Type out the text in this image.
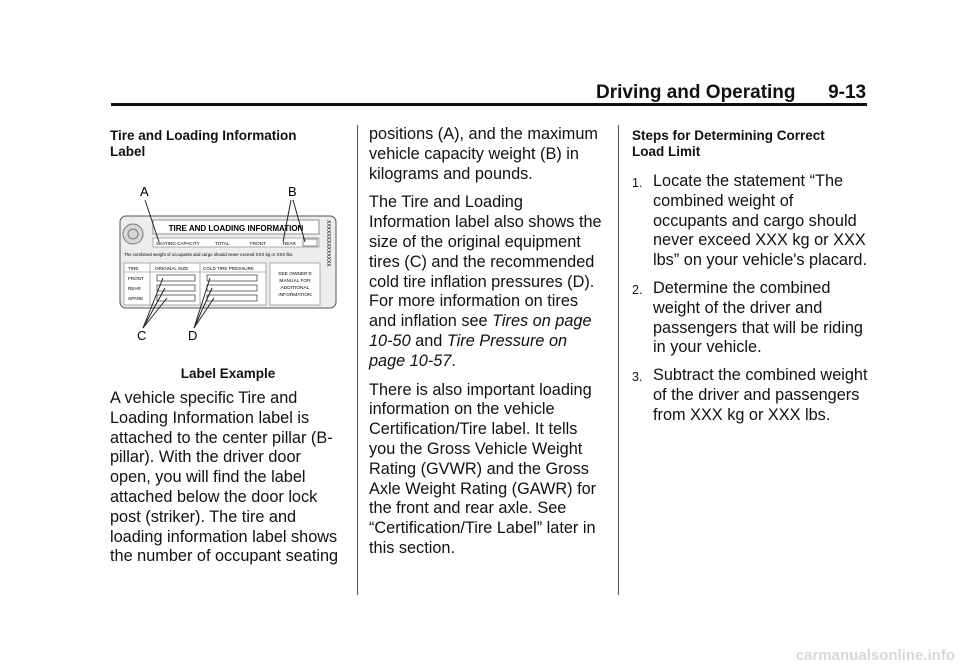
Driving and Operating 9-13

Tire and Loading Information Label

A	B
C	D
TIRE AND LOADING INFORMATION
SEATING CAPACITY	TOTAL	FRONT	REAR
The combined weight of occupants and cargo should never exceed XXX kg or XXX lbs.
TIRE	ORIGINAL SIZE	COLD TIRE PRESSURE
FRONT
REAR
SPARE
SEE OWNER'S
MANUAL FOR
ADDITIONAL
INFORMATION
XXXXXXXXXXXXXX
Label Example

A vehicle specific Tire and Loading Information label is attached to the center pillar (B-pillar). With the driver door open, you will find the label attached below the door lock post (striker). The tire and loading information label shows the number of occupant seating

positions (A), and the maximum vehicle capacity weight (B) in kilograms and pounds.

The Tire and Loading Information label also shows the size of the original equipment tires (C) and the recommended cold tire inflation pressures (D). For more information on tires and inflation see Tires on page 10-50 and Tire Pressure on page 10-57.

There is also important loading information on the vehicle Certification/Tire label. It tells you the Gross Vehicle Weight Rating (GVWR) and the Gross Axle Weight Rating (GAWR) for the front and rear axle. See “Certification/Tire Label” later in this section.

Steps for Determining Correct Load Limit

1. Locate the statement “The combined weight of occupants and cargo should never exceed XXX kg or XXX lbs” on your vehicle's placard.
2. Determine the combined weight of the driver and passengers that will be riding in your vehicle.
3. Subtract the combined weight of the driver and passengers from XXX kg or XXX lbs.
carmanualsonline.info
